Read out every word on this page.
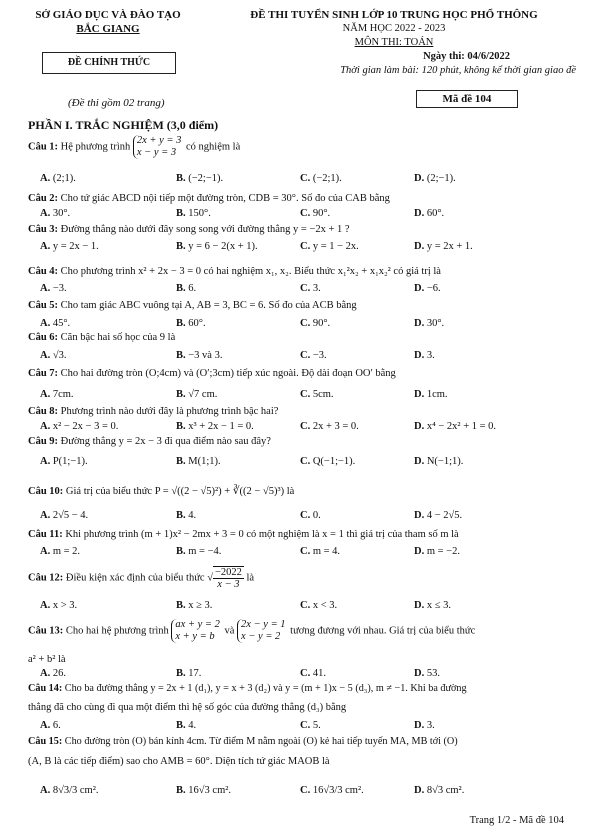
SỞ GIÁO DỤC VÀ ĐÀO TẠO
BẮC GIANG
ĐỀ CHÍNH THỨC
(Đề thi gồm 02 trang)
ĐỀ THI TUYỂN SINH LỚP 10 TRUNG HỌC PHỔ THÔNG
NĂM HỌC 2022 - 2023
MÔN THI: TOÁN
Ngày thi: 04/6/2022
Thời gian làm bài: 120 phút, không kể thời gian giao đề
Mã đề 104
PHẦN I. TRẮC NGHIỆM (3,0 điểm)
Câu 1: Hệ phương trình 2x + y = 3
x − y = 3 có nghiệm là
A. (2;1).	B. (−2;−1).	C. (−2;1).	D. (2;−1).
Câu 2: Cho tứ giác ABCD nội tiếp một đường tròn, CDB = 30°. Số đo của CAB bằng
A. 30°.	B. 150°.	C. 90°.	D. 60°.
Câu 3: Đường thẳng nào dưới đây song song với đường thẳng y = −2x + 1 ?
A. y = 2x − 1.	B. y = 6 − 2(x + 1).	C. y = 1 − 2x.	D. y = 2x + 1.
Câu 4: Cho phương trình x² + 2x − 3 = 0 có hai nghiệm x₁, x₂. Biểu thức x₁²x₂ + x₁x₂² có giá trị là
A. −3.	B. 6.	C. 3.	D. −6.
Câu 5: Cho tam giác ABC vuông tại A, AB = 3, BC = 6. Số đo của ACB bằng
A. 45°.	B. 60°.	C. 90°.	D. 30°.
Câu 6: Căn bậc hai số học của 9 là
A. √3.	B. −3 và 3.	C. −3.	D. 3.
Câu 7: Cho hai đường tròn (O;4cm) và (O′;3cm) tiếp xúc ngoài. Độ dài đoạn OO′ bằng
A. 7cm.	B. √7 cm.	C. 5cm.	D. 1cm.
Câu 8: Phương trình nào dưới đây là phương trình bậc hai?
A. x² − 2x − 3 = 0.	B. x³ + 2x − 1 = 0.	C. 2x + 3 = 0.	D. x⁴ − 2x² + 1 = 0.
Câu 9: Đường thẳng y = 2x − 3 đi qua điểm nào sau đây?
A. P(1;−1).	B. M(1;1).	C. Q(−1;−1).	D. N(−1;1).
Câu 10: Giá trị của biểu thức P = √((2 − √5)²) + ∛((2 − √5)³) là
A. 2√5 − 4.	B. 4.	C. 0.	D. 4 − 2√5.
Câu 11: Khi phương trình (m + 1)x² − 2mx + 3 = 0 có một nghiệm là x = 1 thì giá trị của tham số m là
A. m = 2.	B. m = −4.	C. m = 4.	D. m = −2.
Câu 12: Điều kiện xác định của biểu thức √ $\frac{-2022}{x - 3}$ là
A. x > 3.	B. x ≥ 3.	C. x < 3.	D. x ≤ 3.
Câu 13: Cho hai hệ phương trình ax + y = 2
x + y = b và 2x − y = 1
x − y = 2 tương đương với nhau. Giá trị của biểu thức
a² + b² là
A. 26.	B. 17.	C. 41.	D. 53.
Câu 14: Cho ba đường thẳng y = 2x + 1 (d₁), y = x + 3 (d₂) và y = (m + 1)x − 5 (d₃), m ≠ −1. Khi ba đường
thẳng đã cho cùng đi qua một điểm thì hệ số góc của đường thẳng (d₃) bằng
A. 6.	B. 4.	C. 5.	D. 3.
Câu 15: Cho đường tròn (O) bán kính 4cm. Từ điểm M nằm ngoài (O) kẻ hai tiếp tuyến MA, MB tới (O)
(A, B là các tiếp điểm) sao cho AMB = 60°. Diện tích tứ giác MAOB là
A. 8√3/3 cm².	B. 16√3 cm².	C. 16√3/3 cm².	D. 8√3 cm².
Trang 1/2 - Mã đề 104
